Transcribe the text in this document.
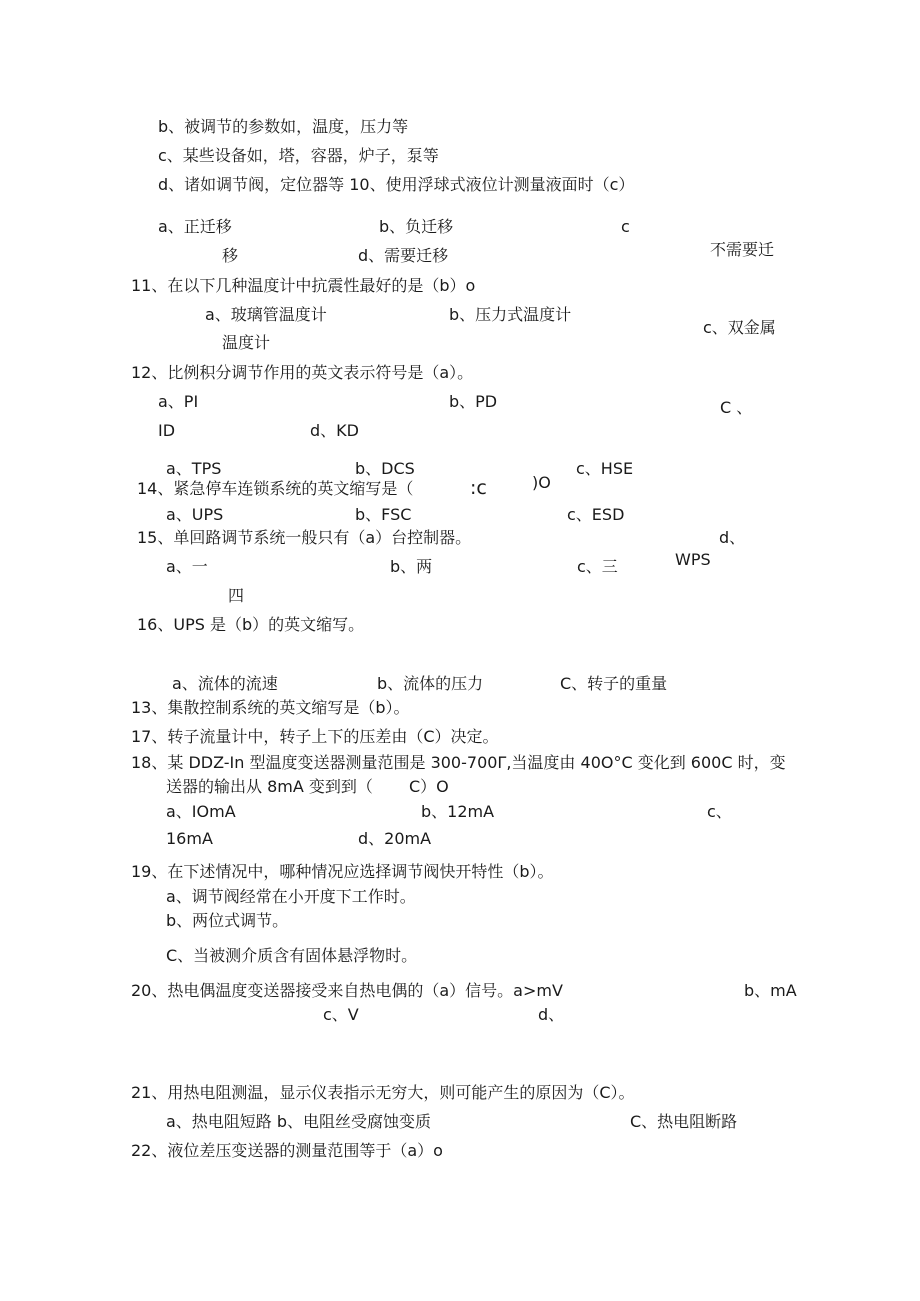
b、被调节的参数如，温度，压力等
c、某些设备如，塔，容器，炉子，泵等
d、诸如调节阀，定位器等 10、使用浮球式液位计测量液面时（c）
a、正迁移	b、负迁移	c
不需要迁
移	d、需要迁移
11、在以下几种温度计中抗震性最好的是（b）o
a、玻璃管温度计	b、压力式温度计
c、双金属
温度计
12、比例积分调节作用的英文表示符号是（a）。
a、PI	b、PD	C 、
ID	d、KD
a、TPS	b、DCS	c、HSE
14、紧急停车连锁系统的英文缩写是（	:c	)O
a、UPS	b、FSC	c、ESD
15、单回路调节系统一般只有（a）台控制器。	d、
WPS
a、一	b、两	c、三
四
16、UPS 是（b）的英文缩写。
a、流体的流速	b、流体的压力	C、转子的重量
13、集散控制系统的英文缩写是（b）。
17、转子流量计中，转子上下的压差由（C）决定。
18、某 DDZ-In 型温度变送器测量范围是 300-700Γ,当温度由 40O°C 变化到 600C 时，变
送器的输出从 8mA 变到到（ C）O
a、IOmA	b、12mA	c、
16mA	d、20mA
19、在下述情况中，哪种情况应选择调节阀快开特性（b）。
a、调节阀经常在小开度下工作时。
b、两位式调节。
C、当被测介质含有固体悬浮物时。
20、热电偶温度变送器接受来自热电偶的（a）信号。a>mV	b、mA
c、V	d、
21、用热电阻测温，显示仪表指示无穷大，则可能产生的原因为（C）。
a、热电阻短路 b、电阻丝受腐蚀变质	C、热电阻断路
22、液位差压变送器的测量范围等于（a）o
